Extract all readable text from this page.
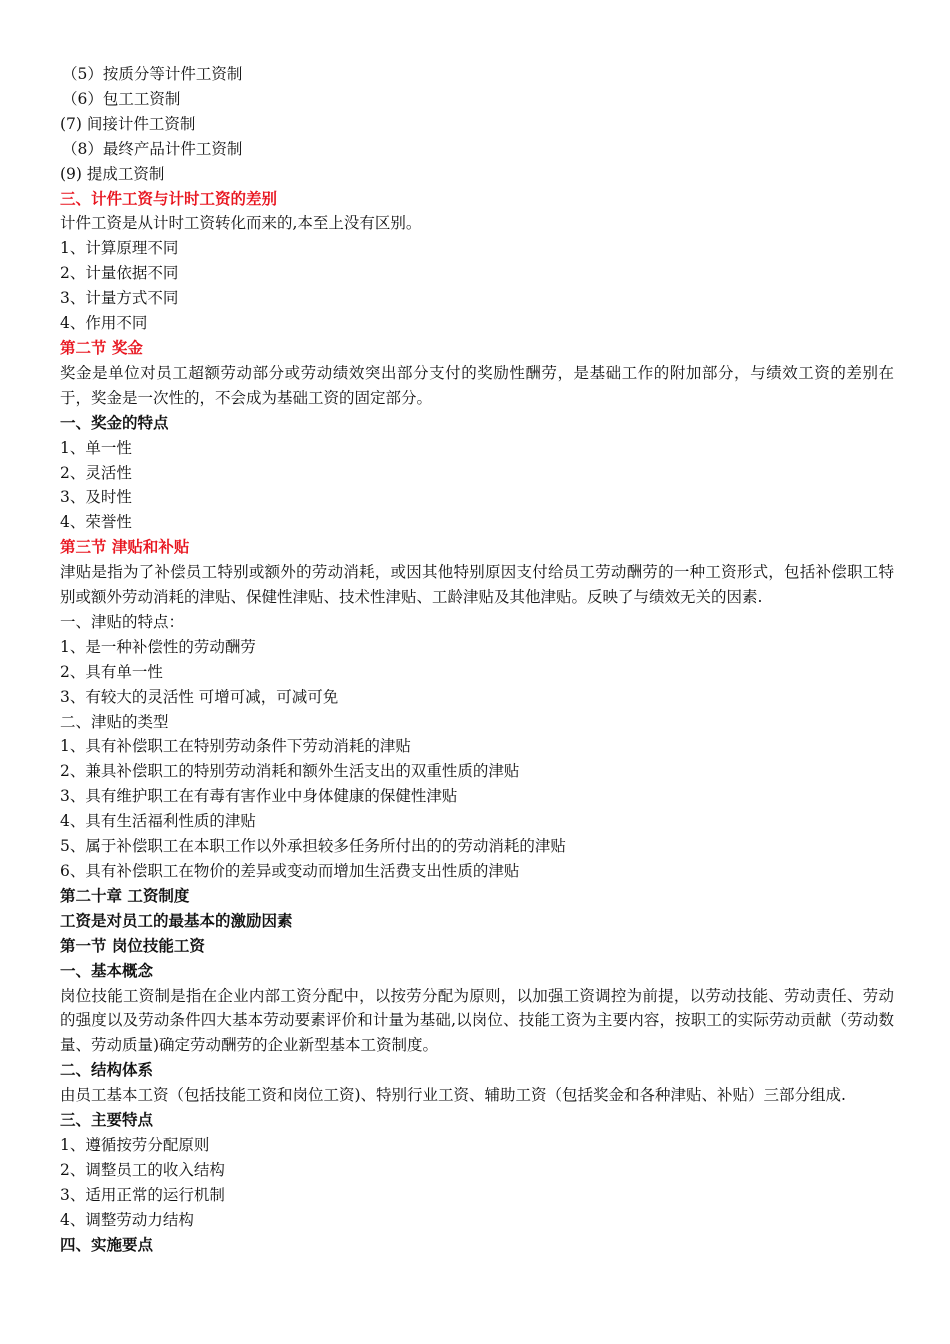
（5）按质分等计件工资制

（6）包工工资制

(7) 间接计件工资制

（8）最终产品计件工资制

(9) 提成工资制

三、计件工资与计时工资的差别

计件工资是从计时工资转化而来的,本至上没有区别。

1、计算原理不同

2、计量依据不同

3、计量方式不同

4、作用不同

第二节 奖金

奖金是单位对员工超额劳动部分或劳动绩效突出部分支付的奖励性酬劳，是基础工作的附加部分，与绩效工资的差别在于，奖金是一次性的，不会成为基础工资的固定部分。

一、奖金的特点

1、单一性

2、灵活性

3、及时性

4、荣誉性

第三节 津贴和补贴

津贴是指为了补偿员工特别或额外的劳动消耗，或因其他特别原因支付给员工劳动酬劳的一种工资形式，包括补偿职工特别或额外劳动消耗的津贴、保健性津贴、技术性津贴、工龄津贴及其他津贴。反映了与绩效无关的因素.

一、津贴的特点：

1、是一种补偿性的劳动酬劳

2、具有单一性

3、有较大的灵活性 可增可减，可减可免

二、津贴的类型

1、具有补偿职工在特别劳动条件下劳动消耗的津贴

2、兼具补偿职工的特别劳动消耗和额外生活支出的双重性质的津贴

3、具有维护职工在有毒有害作业中身体健康的保健性津贴

4、具有生活福利性质的津贴

5、属于补偿职工在本职工作以外承担较多任务所付出的的劳动消耗的津贴

6、具有补偿职工在物价的差异或变动而增加生活费支出性质的津贴

第二十章 工资制度

工资是对员工的最基本的激励因素

第一节 岗位技能工资

一、基本概念

岗位技能工资制是指在企业内部工资分配中，以按劳分配为原则，以加强工资调控为前提，以劳动技能、劳动责任、劳动的强度以及劳动条件四大基本劳动要素评价和计量为基础,以岗位、技能工资为主要内容，按职工的实际劳动贡献（劳动数量、劳动质量)确定劳动酬劳的企业新型基本工资制度。

二、结构体系

由员工基本工资（包括技能工资和岗位工资)、特别行业工资、辅助工资（包括奖金和各种津贴、补贴）三部分组成.

三、主要特点

1、遵循按劳分配原则

2、调整员工的收入结构

3、适用正常的运行机制

4、调整劳动力结构

四、实施要点
